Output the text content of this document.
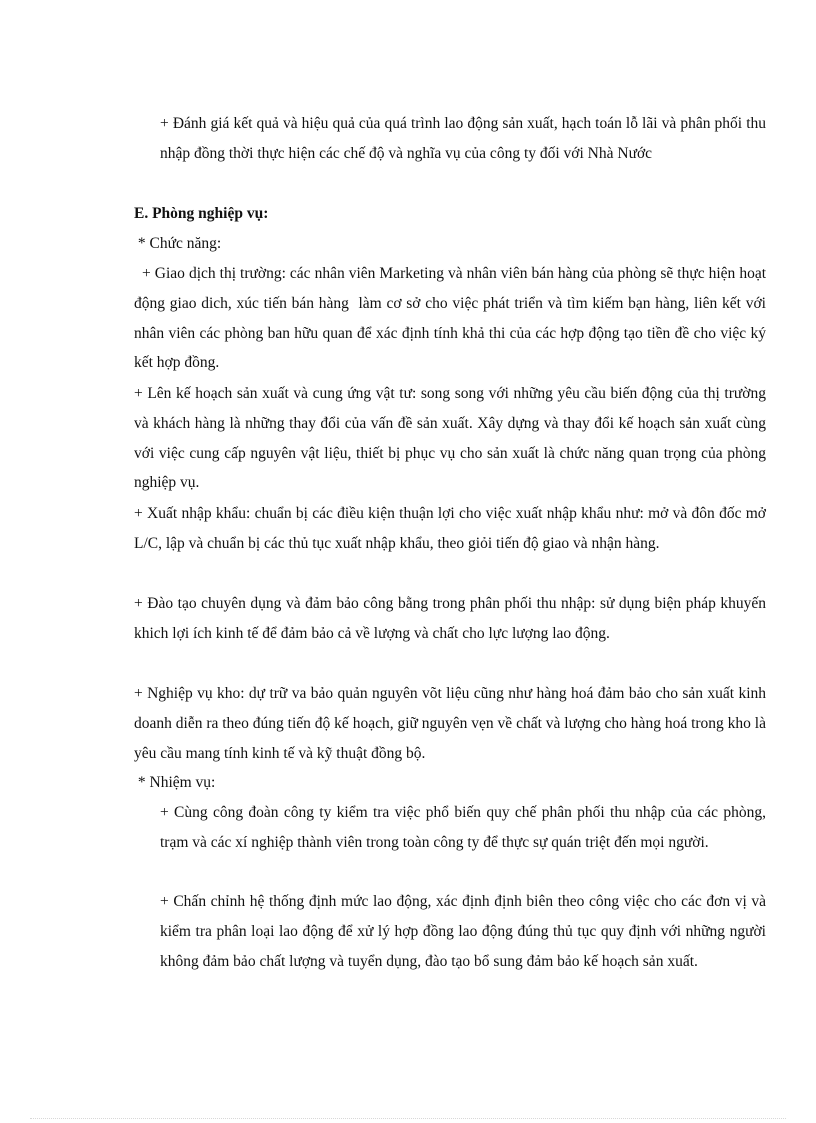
+ Đánh giá kết quả và hiệu quả của quá trình lao động sản xuất, hạch toán lỗ lãi và phân phối thu nhập đồng thời thực hiện các chế độ và nghĩa vụ của công ty đối với Nhà Nước

E. Phòng nghiệp vụ:

* Chức năng:

+ Giao dịch thị trường: các nhân viên Marketing và nhân viên bán hàng của phòng sẽ thực hiện hoạt động giao dich, xúc tiến bán hàng  làm cơ sở cho việc phát triển và tìm kiếm bạn hàng, liên kết với nhân viên các phòng ban hữu quan để xác định tính khả thi của các hợp động tạo tiền đề cho việc ký kết hợp đồng.

+ Lên kế hoạch sản xuất và cung ứng vật tư: song song với những yêu cầu biến động của thị trường và khách hàng là những thay đổi của vấn đề sản xuất. Xây dựng và thay đổi kế hoạch sản xuất cùng với việc cung cấp nguyên vật liệu, thiết bị phục vụ cho sản xuất là chức năng quan trọng của phòng nghiệp vụ.

+ Xuất nhập khẩu: chuẩn bị các điều kiện thuận lợi cho việc xuất nhập khẩu như: mở và đôn đốc mở L/C, lập và chuẩn bị các thủ tục xuất nhập khẩu, theo giỏi tiến độ giao và nhận hàng.

+ Đào tạo chuyên dụng và đảm bảo công bằng trong phân phối thu nhập: sử dụng biện pháp khuyến khich lợi ích kinh tế để đảm bảo cả về lượng và chất cho lực lượng lao động.

+ Nghiệp vụ kho: dự trữ va bảo quản nguyên võt liệu cũng như hàng hoá đảm bảo cho sản xuất kinh doanh diễn ra theo đúng tiến độ kế hoạch, giữ nguyên vẹn về chất và lượng cho hàng hoá trong kho là yêu cầu mang tính kinh tế và kỹ thuật đồng bộ.

* Nhiệm vụ:

+ Cùng công đoàn công ty kiểm tra việc phổ biến quy chế phân phối thu nhập của các phòng, trạm và các xí nghiệp thành viên trong toàn công ty để thực sự quán triệt đến mọi người.

+ Chấn chỉnh hệ thống định mức lao động, xác định định biên theo công việc cho các đơn vị và kiểm tra phân loại lao động để xử lý hợp đồng lao động đúng thủ tục quy định với những người không đảm bảo chất lượng và tuyển dụng, đào tạo bổ sung đảm bảo kế hoạch sản xuất.
